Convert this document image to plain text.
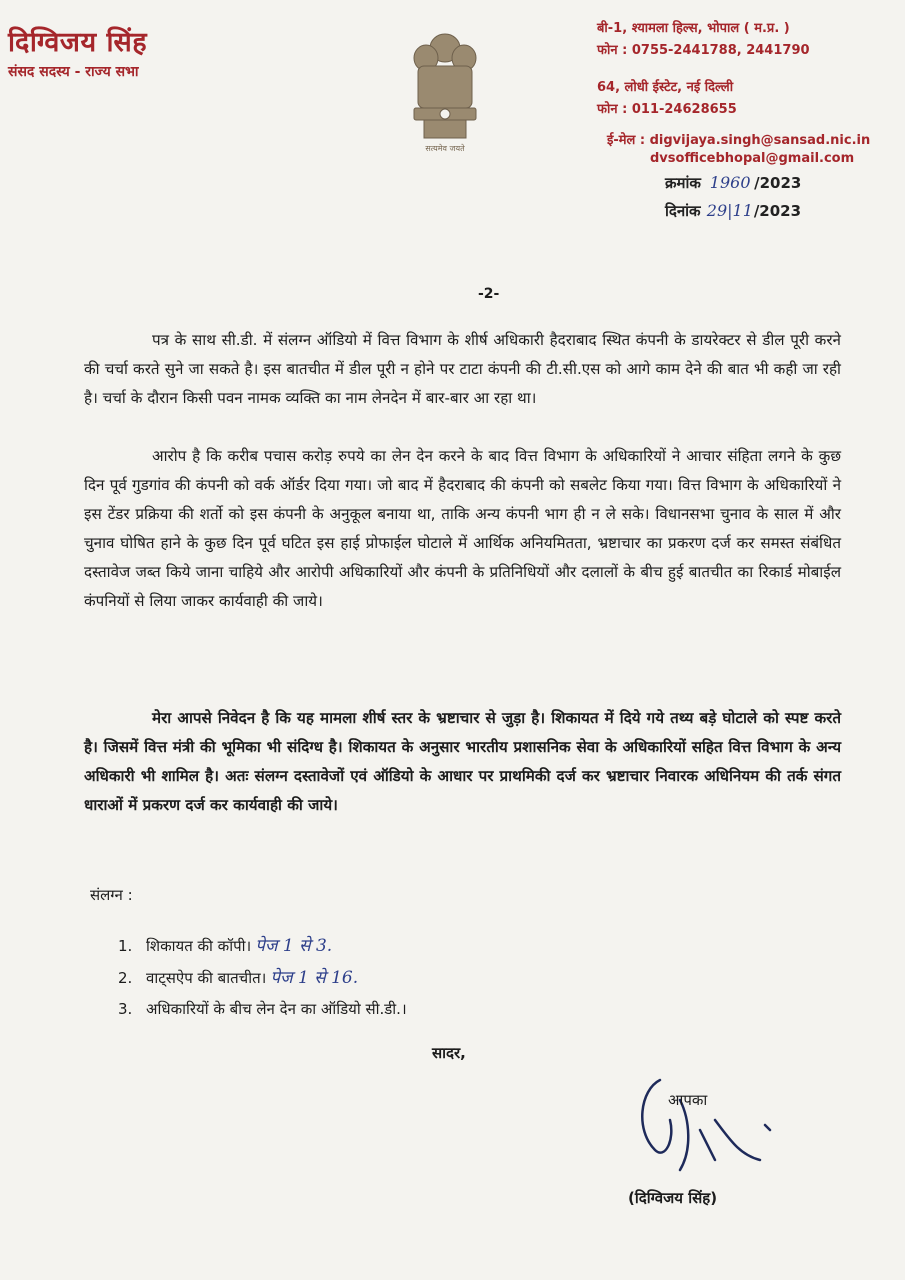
दिग्विजय सिंह
संसद सदस्य - राज्य सभा
सत्यमेव जयते
बी-1, श्यामला हिल्स, भोपाल ( म.प्र. )
फोन : 0755-2441788, 2441790
64, लोधी ईस्टेट, नई दिल्ली
फोन : 011-24628655
ई-मेल : digvijaya.singh@sansad.nic.in
dvsofficebhopal@gmail.com
क्रमांक 1960 /2023
दिनांक 29|11/2023
-2-
पत्र के साथ सी.डी. में संलग्न ऑडियो में वित्त विभाग के शीर्ष अधिकारी हैदराबाद स्थित कंपनी के डायरेक्टर से डील पूरी करने की चर्चा करते सुने जा सकते है। इस बातचीत में डील पूरी न होने पर टाटा कंपनी की टी.सी.एस को आगे काम देने की बात भी कही जा रही है। चर्चा के दौरान किसी पवन नामक व्यक्ति का नाम लेनदेन में बार-बार आ रहा था।
आरोप है कि करीब पचास करोड़ रुपये का लेन देन करने के बाद वित्त विभाग के अधिकारियों ने आचार संहिता लगने के कुछ दिन पूर्व गुडगांव की कंपनी को वर्क ऑर्डर दिया गया। जो बाद में हैदराबाद की कंपनी को सबलेट किया गया। वित्त विभाग के अधिकारियों ने इस टेंडर प्रक्रिया की शर्तो को इस कंपनी के अनुकूल बनाया था, ताकि अन्य कंपनी भाग ही न ले सके। विधानसभा चुनाव के साल में और चुनाव घोषित हाने के कुछ दिन पूर्व घटित इस हाई प्रोफाईल घोटाले में आर्थिक अनियमितता, भ्रष्टाचार का प्रकरण दर्ज कर समस्त संबंधित दस्तावेज जब्त किये जाना चाहिये और आरोपी अधिकारियों और कंपनी के प्रतिनिधियों और दलालों के बीच हुई बातचीत का रिकार्ड मोबाईल कंपनियों से लिया जाकर कार्यवाही की जाये।
मेरा आपसे निवेदन है कि यह मामला शीर्ष स्तर के भ्रष्टाचार से जुड़ा है। शिकायत में दिये गये तथ्य बड़े घोटाले को स्पष्ट करते है। जिसमें वित्त मंत्री की भूमिका भी संदिग्ध है। शिकायत के अनुसार भारतीय प्रशासनिक सेवा के अधिकारियों सहित वित्त विभाग के अन्य अधिकारी भी शामिल है। अतः संलग्न दस्तावेजों एवं ऑडियो के आधार पर प्राथमिकी दर्ज कर भ्रष्टाचार निवारक अधिनियम की तर्क संगत धाराओं में प्रकरण दर्ज कर कार्यवाही की जाये।
संलग्न :
1. शिकायत की कॉपी। पेज 1 से 3.
2. वाट्सऐप की बातचीत। पेज 1 से 16.
3. अधिकारियों के बीच लेन देन का ऑडियो सी.डी.।
सादर,
आपका
(दिग्विजय सिंह)
